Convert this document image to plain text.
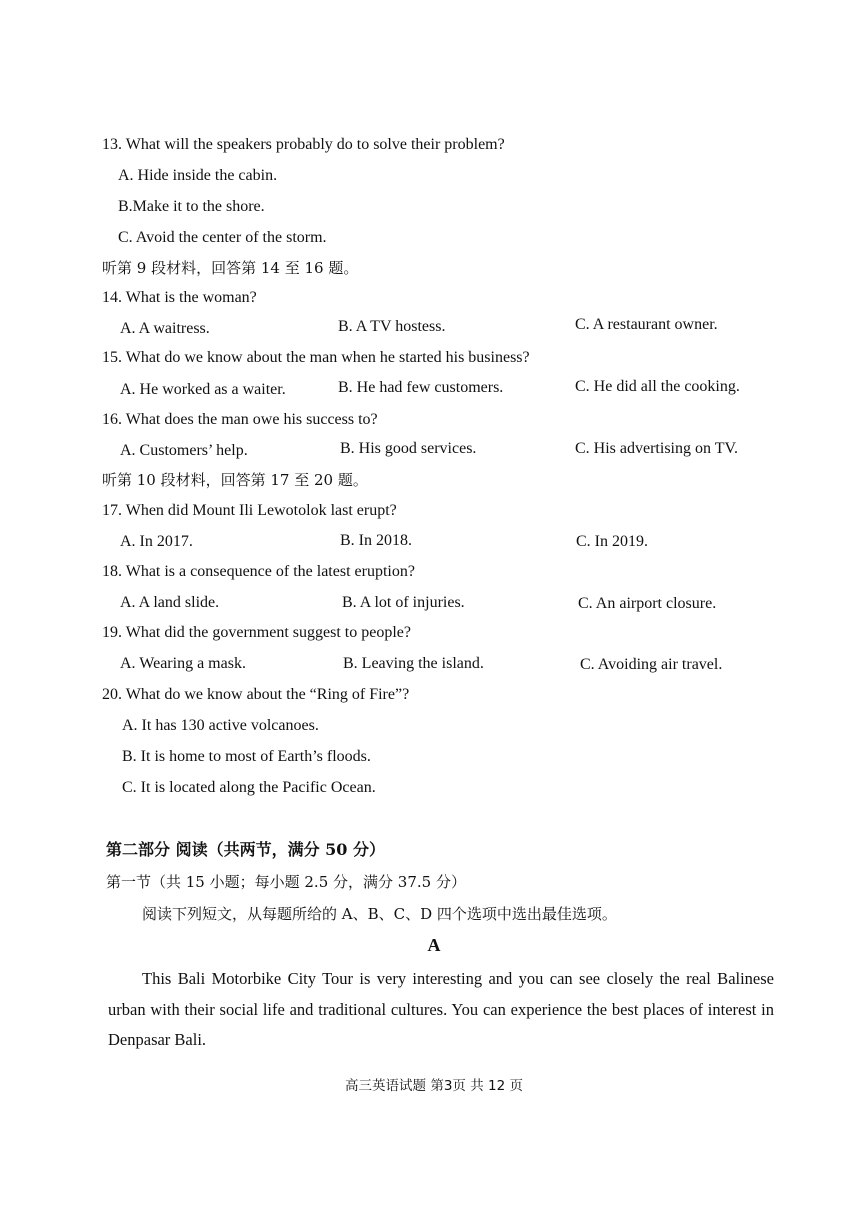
13. What will the speakers probably do to solve their problem?
A. Hide inside the cabin.
B.Make it to the shore.
C. Avoid the center of the storm.
听第 9 段材料，回答第 14 至 16 题。
14. What is the woman?
A. A waitress.	B. A TV hostess.	C. A restaurant owner.
15. What do we know about the man when he started his business?
A. He worked as a waiter.	B. He had few customers.	C. He did all the cooking.
16. What does the man owe his success to?
A. Customers’ help.	B. His good services.	C. His advertising on TV.
听第 10 段材料，回答第 17 至 20 题。
17. When did Mount Ili Lewotolok last erupt?
A. In 2017.	B. In 2018.	C. In 2019.
18. What is a consequence of the latest eruption?
A. A land slide.	B. A lot of injuries.	C. An airport closure.
19. What did the government suggest to people?
A. Wearing a mask.	B. Leaving the island.	C. Avoiding air travel.
20. What do we know about the “Ring of Fire”?
A. It has 130 active volcanoes.
B. It is home to most of Earth’s floods.
C. It is located along the Pacific Ocean.
第二部分 阅读（共两节，满分 50 分）
第一节（共 15 小题；每小题 2.5 分，满分 37.5 分）
阅读下列短文，从每题所给的 A、B、C、D 四个选项中选出最佳选项。
A
This Bali Motorbike City Tour is very interesting and you can see closely the real Balinese urban with their social life and traditional cultures. You can experience the best places of interest in Denpasar Bali.
高三英语试题 第3页 共 12 页
